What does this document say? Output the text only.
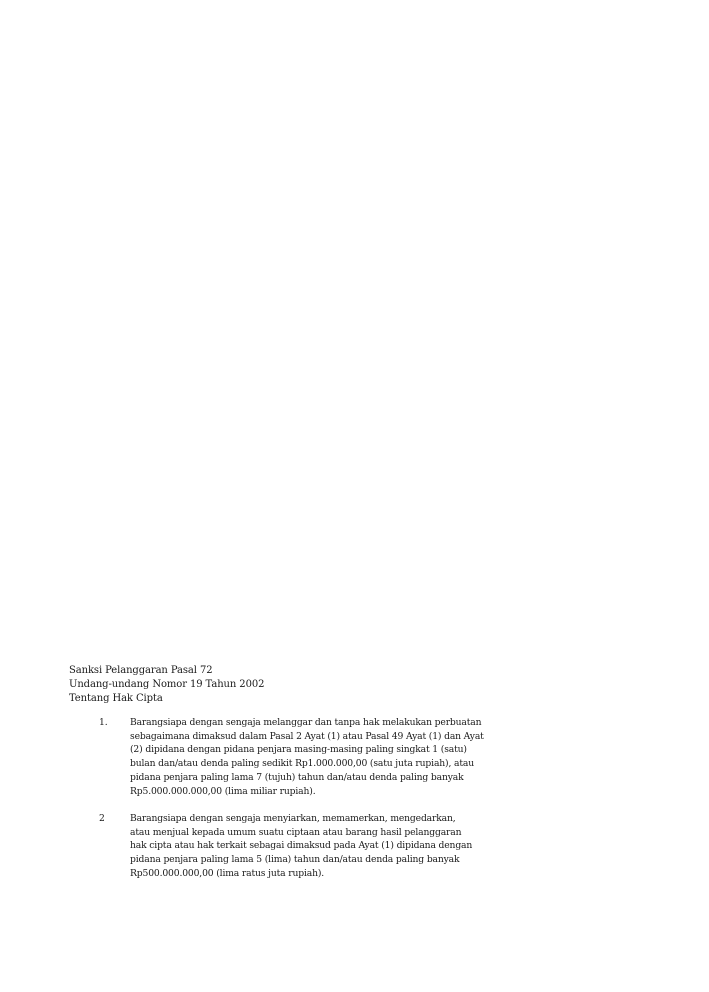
Sanksi Pelanggaran Pasal 72
Undang-undang Nomor 19 Tahun 2002
Tentang Hak Cipta
1.	Barangsiapa dengan sengaja melanggar dan tanpa hak melakukan perbuatan
sebagaimana dimaksud dalam Pasal 2 Ayat (1) atau Pasal 49 Ayat (1) dan Ayat
(2) dipidana dengan pidana penjara masing-masing paling singkat 1 (satu)
bulan dan/atau denda paling sedikit Rp1.000.000,00 (satu juta rupiah), atau
pidana penjara paling lama 7 (tujuh) tahun dan/atau denda paling banyak
Rp5.000.000.000,00 (lima miliar rupiah).
2	Barangsiapa dengan sengaja menyiarkan, memamerkan, mengedarkan,
atau menjual kepada umum suatu ciptaan atau barang hasil pelanggaran
hak cipta atau hak terkait sebagai dimaksud pada Ayat (1) dipidana dengan
pidana penjara paling lama 5 (lima) tahun dan/atau denda paling banyak
Rp500.000.000,00 (lima ratus juta rupiah).
